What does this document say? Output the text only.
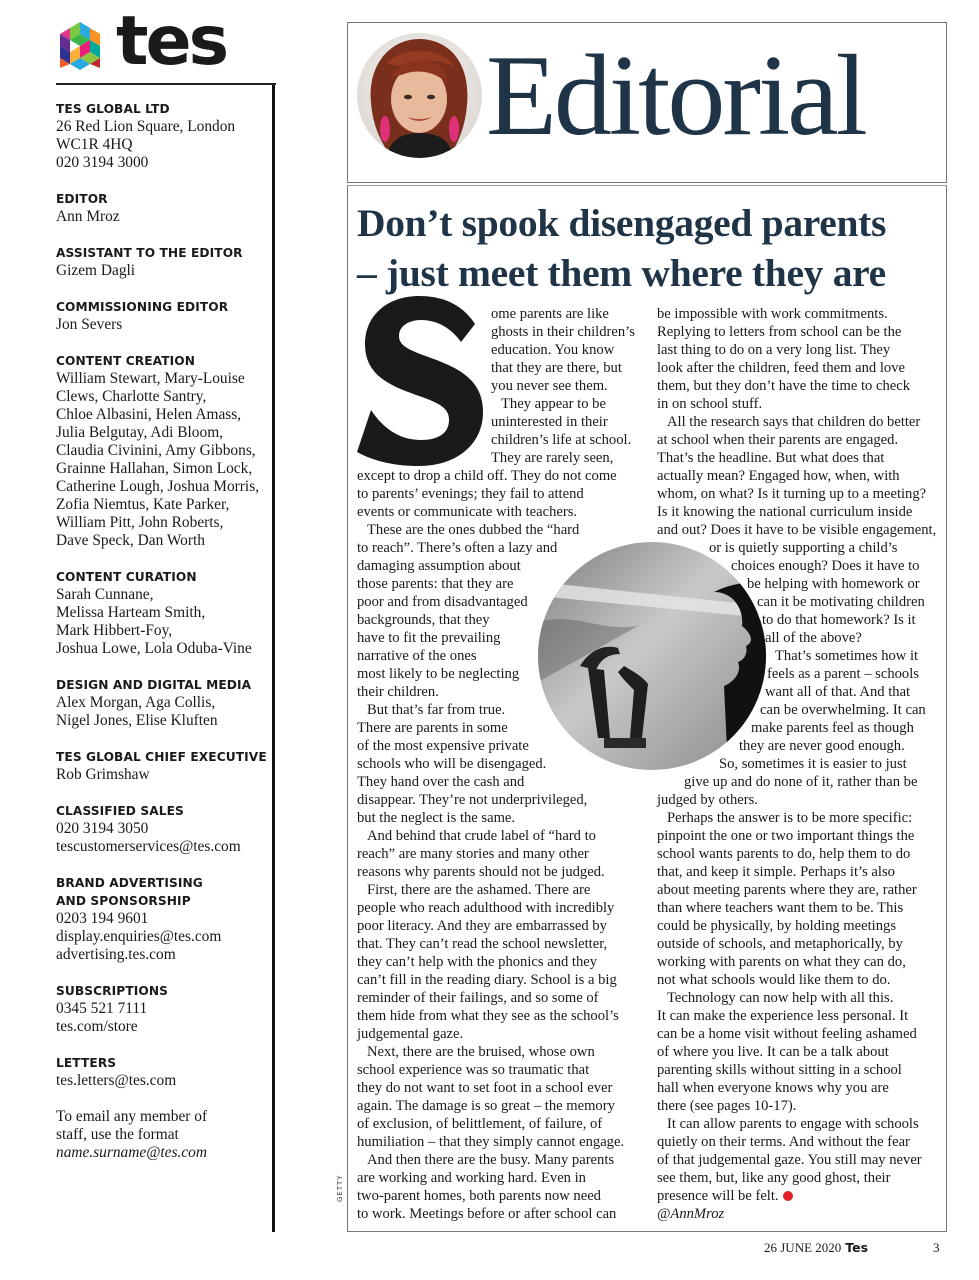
tes
TES GLOBAL LTD
26 Red Lion Square, London
WC1R 4HQ
020 3194 3000
EDITOR
Ann Mroz
ASSISTANT TO THE EDITOR
Gizem Dagli
COMMISSIONING EDITOR
Jon Severs
CONTENT CREATION
William Stewart, Mary-Louise
Clews, Charlotte Santry,
Chloe Albasini, Helen Amass,
Julia Belgutay, Adi Bloom,
Claudia Civinini, Amy Gibbons,
Grainne Hallahan, Simon Lock,
Catherine Lough, Joshua Morris,
Zofia Niemtus, Kate Parker,
William Pitt, John Roberts,
Dave Speck, Dan Worth
CONTENT CURATION
Sarah Cunnane,
Melissa Harteam Smith,
Mark Hibbert-Foy,
Joshua Lowe, Lola Oduba-Vine
DESIGN AND DIGITAL MEDIA
Alex Morgan, Aga Collis,
Nigel Jones, Elise Kluften
TES GLOBAL CHIEF EXECUTIVE
Rob Grimshaw
CLASSIFIED SALES
020 3194 3050
tescustomerservices@tes.com
BRAND ADVERTISING
AND SPONSORSHIP
0203 194 9601
display.enquiries@tes.com
advertising.tes.com
SUBSCRIPTIONS
0345 521 7111
tes.com/store
LETTERS
tes.letters@tes.com
To email any member of
staff, use the format
name.surname@tes.com
Editorial
Don’t spook disengaged parents
– just meet them where they are
ome parents are like
ghosts in their children’s
education. You know
that they are there, but
you never see them.
They appear to be
uninterested in their
children’s life at school.
They are rarely seen,
except to drop a child off. They do not come
to parents’ evenings; they fail to attend
events or communicate with teachers.
These are the ones dubbed the “hard
to reach”. There’s often a lazy and
damaging assumption about
those parents: that they are
poor and from disadvantaged
backgrounds, that they
have to fit the prevailing
narrative of the ones
most likely to be neglecting
their children.
But that’s far from true.
There are parents in some
of the most expensive private
schools who will be disengaged.
They hand over the cash and
disappear. They’re not underprivileged,
but the neglect is the same.
And behind that crude label of “hard to
reach” are many stories and many other
reasons why parents should not be judged.
First, there are the ashamed. There are
people who reach adulthood with incredibly
poor literacy. And they are embarrassed by
that. They can’t read the school newsletter,
they can’t help with the phonics and they
can’t fill in the reading diary. School is a big
reminder of their failings, and so some of
them hide from what they see as the school’s
judgemental gaze.
Next, there are the bruised, whose own
school experience was so traumatic that
they do not want to set foot in a school ever
again. The damage is so great – the memory
of exclusion, of belittlement, of failure, of
humiliation – that they simply cannot engage.
And then there are the busy. Many parents
are working and working hard. Even in
two-parent homes, both parents now need
to work. Meetings before or after school can
be impossible with work commitments.
Replying to letters from school can be the
last thing to do on a very long list. They
look after the children, feed them and love
them, but they don’t have the time to check
in on school stuff.
All the research says that children do better
at school when their parents are engaged.
That’s the headline. But what does that
actually mean? Engaged how, when, with
whom, on what? Is it turning up to a meeting?
Is it knowing the national curriculum inside
and out? Does it have to be visible engagement,
or is quietly supporting a child’s
choices enough? Does it have to
be helping with homework or
can it be motivating children
to do that homework? Is it
all of the above?
That’s sometimes how it
feels as a parent – schools
want all of that. And that
can be overwhelming. It can
make parents feel as though
they are never good enough.
So, sometimes it is easier to just
give up and do none of it, rather than be
judged by others.
Perhaps the answer is to be more specific:
pinpoint the one or two important things the
school wants parents to do, help them to do
that, and keep it simple. Perhaps it’s also
about meeting parents where they are, rather
than where teachers want them to be. This
could be physically, by holding meetings
outside of schools, and metaphorically, by
working with parents on what they can do,
not what schools would like them to do.
Technology can now help with all this.
It can make the experience less personal. It
can be a home visit without feeling ashamed
of where you live. It can be a talk about
parenting skills without sitting in a school
hall when everyone knows why you are
there (see pages 10-17).
It can allow parents to engage with schools
quietly on their terms. And without the fear
of that judgemental gaze. You still may never
see them, but, like any good ghost, their
presence will be felt.
@AnnMroz
GETTY
26 JUNE 2020 Tes	3
